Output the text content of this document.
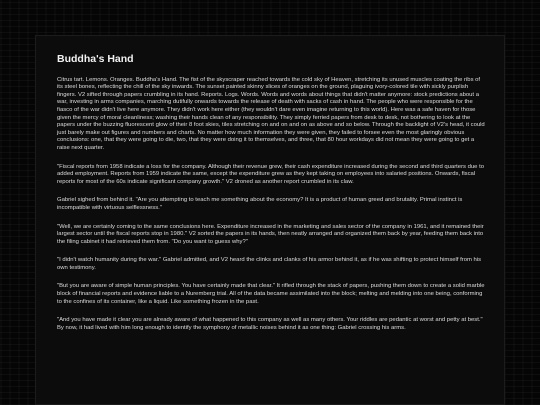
Buddha's Hand

Citrus tart. Lemons. Oranges. Buddha's Hand. The fist of the skyscraper reached towards the cold sky of Heaven, stretching its unused muscles coating the ribs of its steel bones, reflecting the chill of the sky inwards. The sunset painted skinny slices of oranges on the ground, plaguing ivory-colored tile with sickly purplish fingers. V2 sifted through papers crumbling in its hand. Reports. Logs. Words. Words and words about things that didn't matter anymore: stock predictions about a war, investing in arms companies, marching dutifully onwards towards the release of death with sacks of cash in hand. The people who were responsible for the fiasco of the war didn't live here anymore. They didn't work here either (they wouldn't dare even imagine returning to this world). Here was a safe haven for those given the mercy of moral cleanliness; washing their hands clean of any responsibility. They simply ferried papers from desk to desk, not bothering to look at the papers under the buzzing fluorescent glow of their 8 foot skies, tiles stretching on and on and on as above and so below. Through the backlight of V2's head, it could just barely make out figures and numbers and charts. No matter how much information they were given, they failed to forsee even the most glaringly obvious conclusions: one, that they were going to die, two, that they were doing it to themselves, and three, that 80 hour workdays did not mean they were going to get a raise next quarter.

"Fiscal reports from 1958 indicate a loss for the company. Although their revenue grew, their cash expenditure increased during the second and third quarters due to added employment. Reports from 1959 indicate the same, except the expenditure grew as they kept taking on employees into salaried positions. Onwards, fiscal reports for most of the 60s indicate significant company growth." V2 droned as another report crumbled in its claw.

Gabriel sighed from behind it. "Are you attempting to teach me something about the economy? It is a product of human greed and brutality. Primal instinct is incompatible with virtuous selflessness."

"Well, we are certainly coming to the same conclusions here. Expenditure increased in the marketing and sales sector of the company in 1961, and it remained their largest sector until the fiscal reports stop in 1980." V2 sorted the papers in its hands, then neatly arranged and organized them back by year, feeding them back into the filing cabinet it had retrieved them from. "Do you want to guess why?"

"I didn't watch humanity during the war." Gabriel admitted, and V2 heard the clinks and clanks of his armor behind it, as if he was shifting to protect himself from his own testimony.

"But you are aware of simple human principles. You have certainly made that clear." It rifled through the stack of papers, pushing them down to create a solid marble block of financial reports and evidence liable to a Nuremberg trial. All of the data became assimilated into the block; melting and melding into one being, conforming to the confines of its container, like a liquid. Like something frozen in the past.

"And you have made it clear you are already aware of what happened to this company as well as many others. Your riddles are pedantic at worst and petty at best." By now, it had lived with him long enough to identify the symphony of metallic noises behind it as one thing: Gabriel crossing his arms.
